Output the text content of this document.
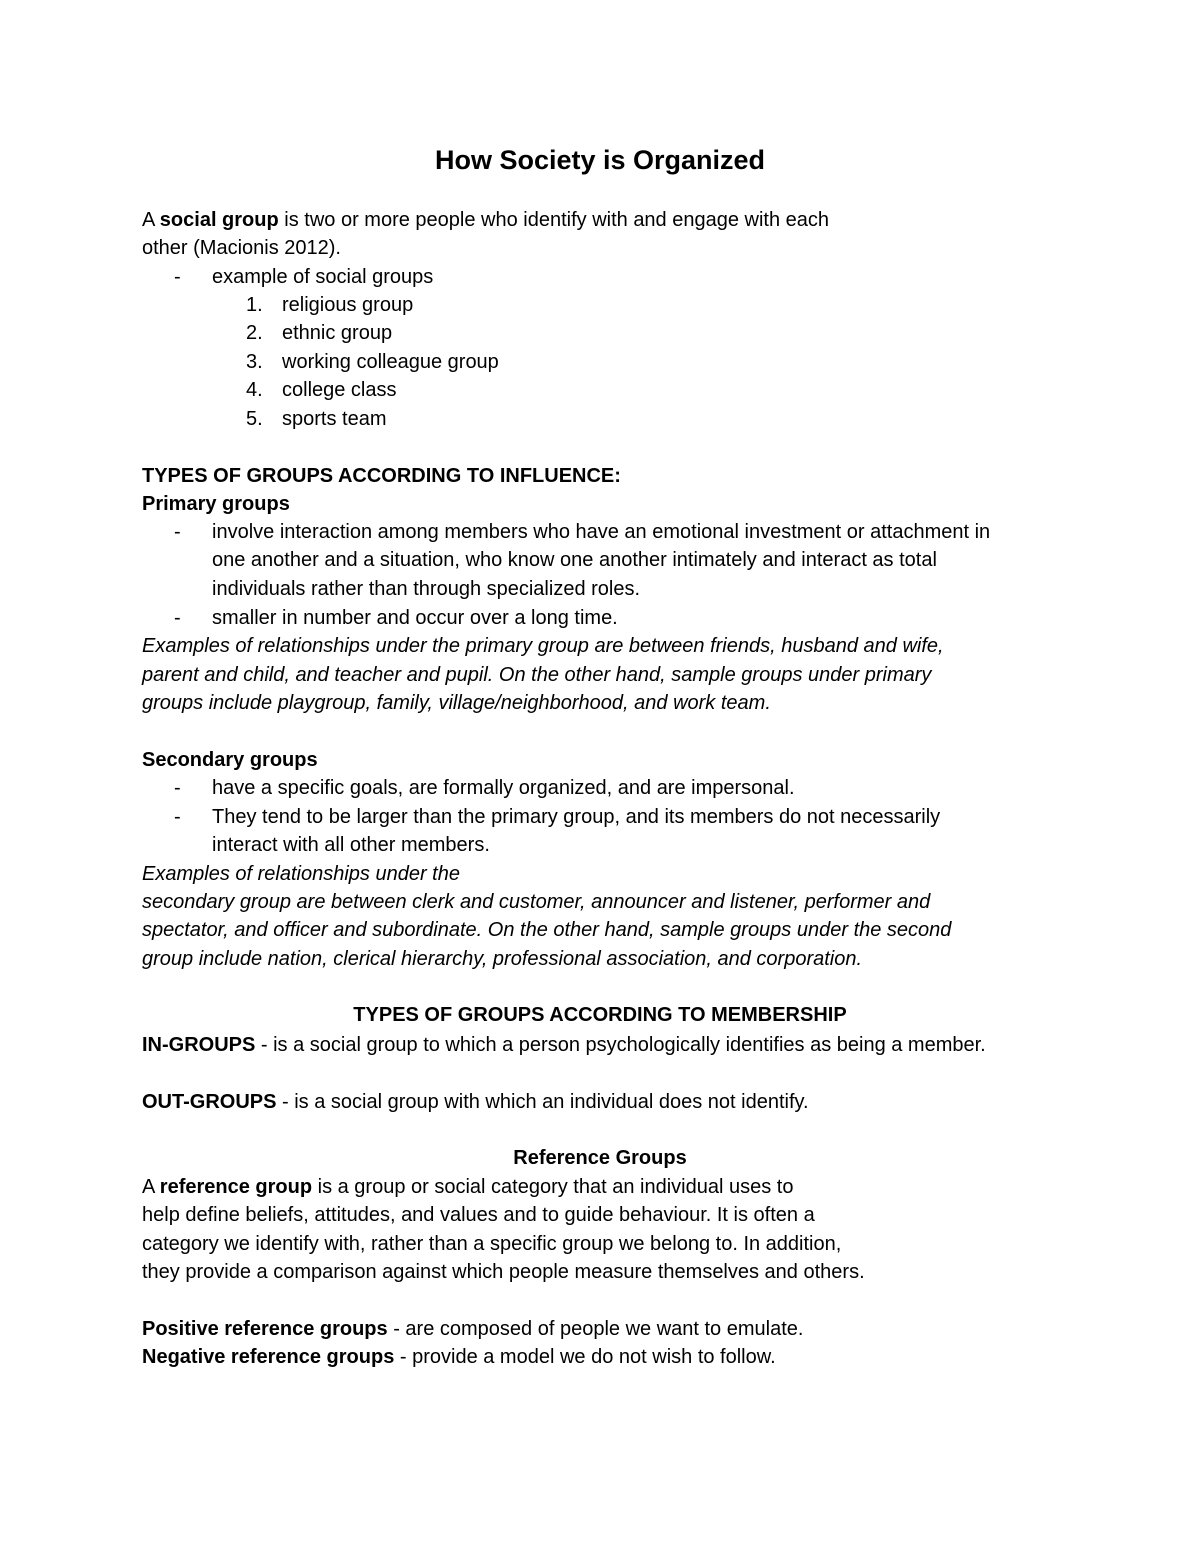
How Society is Organized
A social group is two or more people who identify with and engage with each
other (Macionis 2012).
- example of social groups
1. religious group
2. ethnic group
3. working colleague group
4. college class
5. sports team
TYPES OF GROUPS ACCORDING TO INFLUENCE:
Primary groups
- involve interaction among members who have an emotional investment or attachment in
one another and a situation, who know one another intimately and interact as total
individuals rather than through specialized roles.
- smaller in number and occur over a long time.
Examples of relationships under the primary group are between friends, husband and wife,
parent and child, and teacher and pupil. On the other hand, sample groups under primary
groups include playgroup, family, village/neighborhood, and work team.
Secondary groups
- have a specific goals, are formally organized, and are impersonal.
- They tend to be larger than the primary group, and its members do not necessarily
interact with all other members.
Examples of relationships under the
secondary group are between clerk and customer, announcer and listener, performer and
spectator, and officer and subordinate. On the other hand, sample groups under the second
group include nation, clerical hierarchy, professional association, and corporation.
TYPES OF GROUPS ACCORDING TO MEMBERSHIP
IN-GROUPS - is a social group to which a person psychologically identifies as being a member.
OUT-GROUPS - is a social group with which an individual does not identify.
Reference Groups
A reference group is a group or social category that an individual uses to
help define beliefs, attitudes, and values and to guide behaviour. It is often a
category we identify with, rather than a specific group we belong to. In addition,
they provide a comparison against which people measure themselves and others.
Positive reference groups - are composed of people we want to emulate.
Negative reference groups - provide a model we do not wish to follow.
